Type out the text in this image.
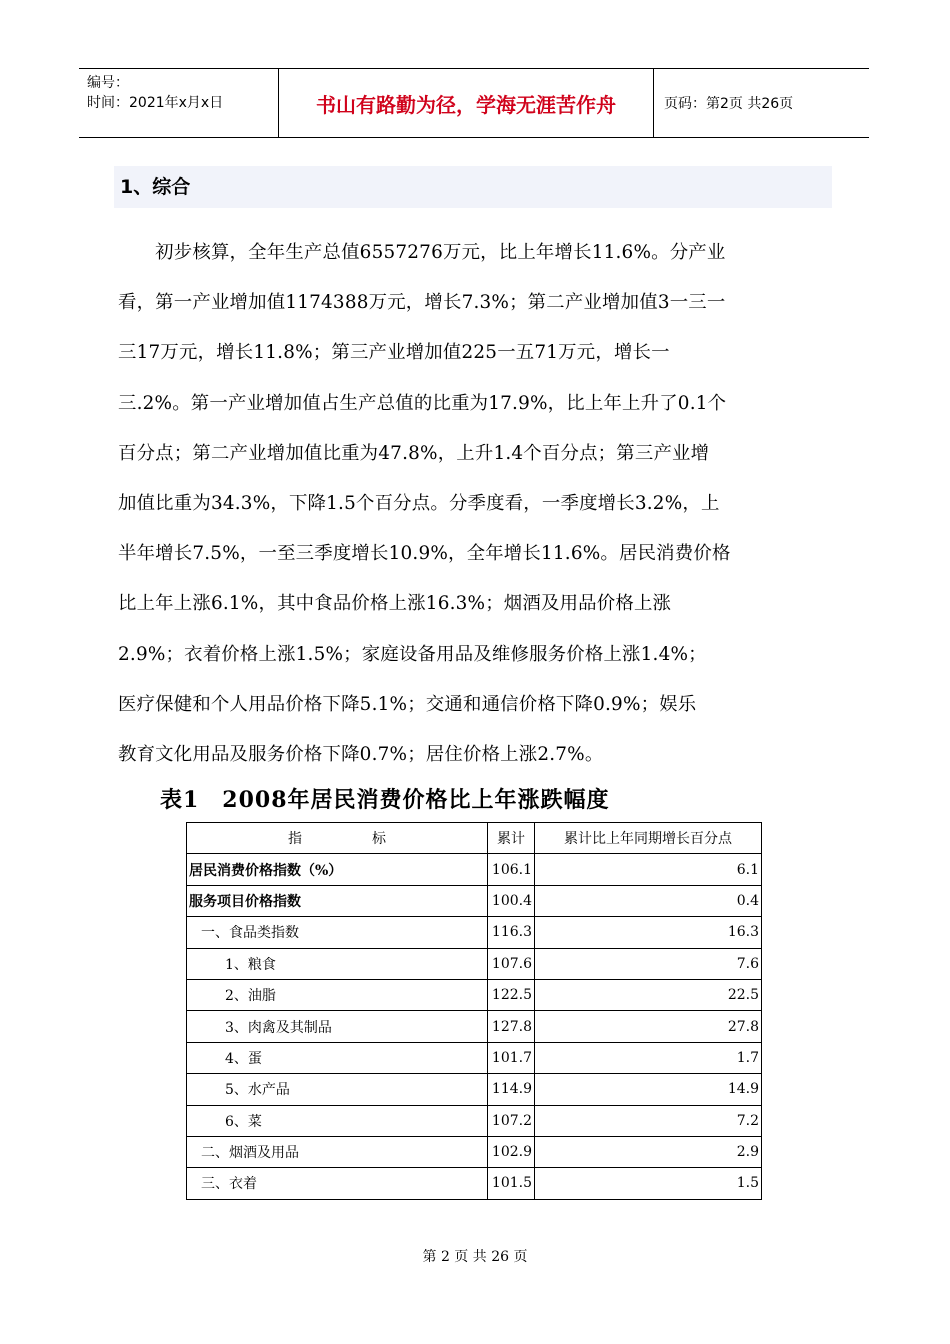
编号：
时间：2021年x月x日	书山有路勤为径，学海无涯苦作舟	页码：第2页 共26页
1、综合
　　初步核算，全年生产总值6557276万元，比上年增长11.6%。分产业
看，第一产业增加值1174388万元，增长7.3%；第二产业增加值3一三一
三17万元，增长11.8%；第三产业增加值225一五71万元，增长一
三.2%。第一产业增加值占生产总值的比重为17.9%，比上年上升了0.1个
百分点；第二产业增加值比重为47.8%，上升1.4个百分点；第三产业增
加值比重为34.3%，下降1.5个百分点。分季度看，一季度增长3.2%，上
半年增长7.5%，一至三季度增长10.9%，全年增长11.6%。居民消费价格
比上年上涨6.1%，其中食品价格上涨16.3%；烟酒及用品价格上涨
2.9%；衣着价格上涨1.5%；家庭设备用品及维修服务价格上涨1.4%；
医疗保健和个人用品价格下降5.1%；交通和通信价格下降0.9%；娱乐
教育文化用品及服务价格下降0.7%；居住价格上涨2.7%。
表1　2008年居民消费价格比上年涨跌幅度
指　　　　　标	累计	累计比上年同期增长百分点
居民消费价格指数（%）	106.1	6.1
服务项目价格指数	100.4	0.4
一、食品类指数	116.3	16.3
1、粮食	107.6	7.6
2、油脂	122.5	22.5
3、肉禽及其制品	127.8	27.8
4、蛋	101.7	1.7
5、水产品	114.9	14.9
6、菜	107.2	7.2
二、烟酒及用品	102.9	2.9
三、衣着	101.5	1.5
第 2 页 共 26 页
